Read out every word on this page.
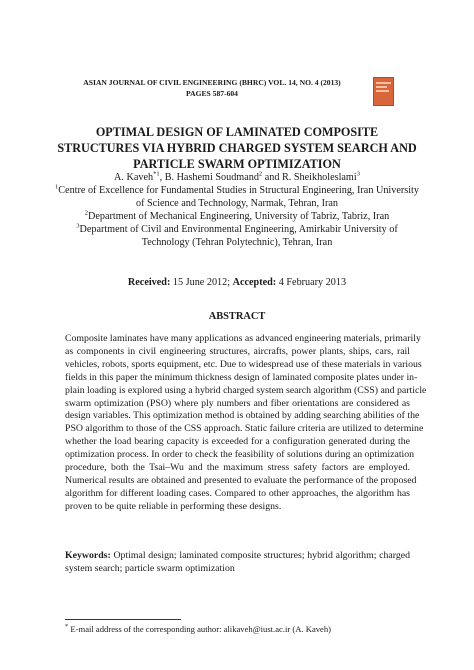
ASIAN JOURNAL OF CIVIL ENGINEERING (BHRC) VOL. 14, NO. 4 (2013)
PAGES 587-604
OPTIMAL DESIGN OF LAMINATED COMPOSITE
STRUCTURES VIA HYBRID CHARGED SYSTEM SEARCH AND
PARTICLE SWARM OPTIMIZATION
A. Kaveh$^{*1}$, B. Hashemi Soudmand$^2$ and R. Sheikholeslami$^3$
$^1$Centre of Excellence for Fundamental Studies in Structural Engineering, Iran University
of Science and Technology, Narmak, Tehran, Iran
$^2$Department of Mechanical Engineering, University of Tabriz, Tabriz, Iran
$^3$Department of Civil and Environmental Engineering, Amirkabir University of
Technology (Tehran Polytechnic), Tehran, Iran
Received: 15 June 2012; Accepted: 4 February 2013
ABSTRACT
Composite laminates have many applications as advanced engineering materials, primarily
as components in civil engineering structures, aircrafts, power plants, ships, cars, rail
vehicles, robots, sports equipment, etc. Due to widespread use of these materials in various
fields in this paper the minimum thickness design of laminated composite plates under in-
plain loading is explored using a hybrid charged system search algorithm (CSS) and particle
swarm optimization (PSO) where ply numbers and fiber orientations are considered as
design variables. This optimization method is obtained by adding searching abilities of the
PSO algorithm to those of the CSS approach. Static failure criteria are utilized to determine
whether the load bearing capacity is exceeded for a configuration generated during the
optimization process. In order to check the feasibility of solutions during an optimization
procedure, both the Tsai–Wu and the maximum stress safety factors are employed.
Numerical results are obtained and presented to evaluate the performance of the proposed
algorithm for different loading cases. Compared to other approaches, the algorithm has
proven to be quite reliable in performing these designs.
Keywords: Optimal design; laminated composite structures; hybrid algorithm; charged
system search; particle swarm optimization
* E-mail address of the corresponding author: alikaveh@iust.ac.ir (A. Kaveh)
